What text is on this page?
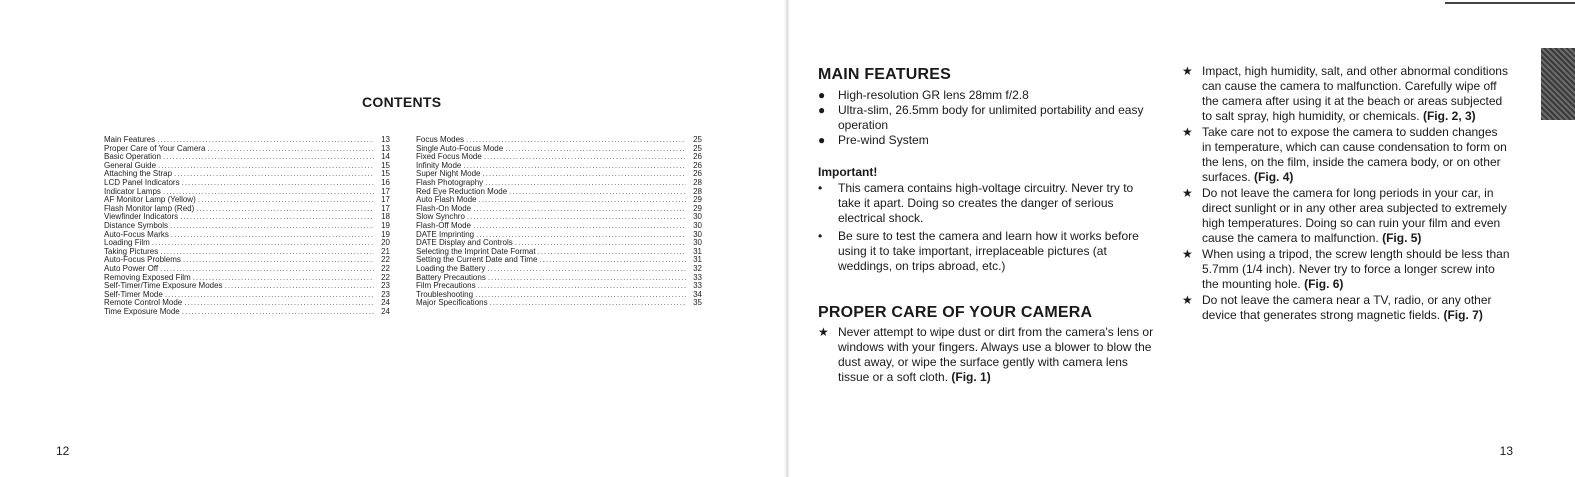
CONTENTS
Main Features .....	13
Proper Care of Your Camera .....	13
Basic Operation .....	14
General Guide .....	15
Attaching the Strap .....	15
LCD Panel Indicators .....	16
Indicator Lamps .....	17
AF Monitor Lamp (Yellow) .....	17
Flash Monitor lamp (Red) .....	17
Viewfinder Indicators .....	18
Distance Symbols .....	19
Auto-Focus Marks .....	19
Loading Film .....	20
Taking Pictures .....	21
Auto-Focus Problems .....	22
Auto Power Off .....	22
Removing Exposed Film .....	22
Self-Timer/Time Exposure Modes .....	23
Self-Timer Mode .....	23
Remote Control Mode .....	24
Time Exposure Mode .....	24
Focus Modes .....	25
Single Auto-Focus Mode .....	25
Fixed Focus Mode .....	26
Infinity Mode .....	26
Super Night Mode .....	26
Flash Photography .....	28
Red Eye Reduction Mode .....	28
Auto Flash Mode .....	29
Flash-On Mode .....	29
Slow Synchro .....	30
Flash-Off Mode .....	30
DATE Imprinting .....	30
DATE Display and Controls .....	30
Selecting the Imprint Date Format .....	31
Setting the Current Date and Time .....	31
Loading the Battery .....	32
Battery Precautions .....	33
Film Precautions .....	33
Troubleshooting .....	34
Major Specifications .....	35
12
MAIN FEATURES
●	High-resolution GR lens 28mm f/2.8
●	Ultra-slim, 26.5mm body for unlimited portability and easy operation
●	Pre-wind System
Important!
•	This camera contains high-voltage circuitry. Never try to take it apart. Doing so creates the danger of serious electrical shock.
•	Be sure to test the camera and learn how it works before using it to take important, irreplaceable pictures (at weddings, on trips abroad, etc.)
PROPER CARE OF YOUR CAMERA
★ Never attempt to wipe dust or dirt from the camera's lens or windows with your fingers. Always use a blower to blow the dust away, or wipe the surface gently with camera lens tissue or a soft cloth. (Fig. 1)
★ Impact, high humidity, salt, and other abnormal conditions can cause the camera to malfunction. Carefully wipe off the camera after using it at the beach or areas subjected to salt spray, high humidity, or chemicals. (Fig. 2, 3)
★ Take care not to expose the camera to sudden changes in temperature, which can cause condensation to form on the lens, on the film, inside the camera body, or on other surfaces. (Fig. 4)
★ Do not leave the camera for long periods in your car, in direct sunlight or in any other area subjected to extremely high temperatures. Doing so can ruin your film and even cause the camera to malfunction. (Fig. 5)
★ When using a tripod, the screw length should be less than 5.7mm (1/4 inch). Never try to force a longer screw into the mounting hole. (Fig. 6)
★ Do not leave the camera near a TV, radio, or any other device that generates strong magnetic fields. (Fig. 7)
13
